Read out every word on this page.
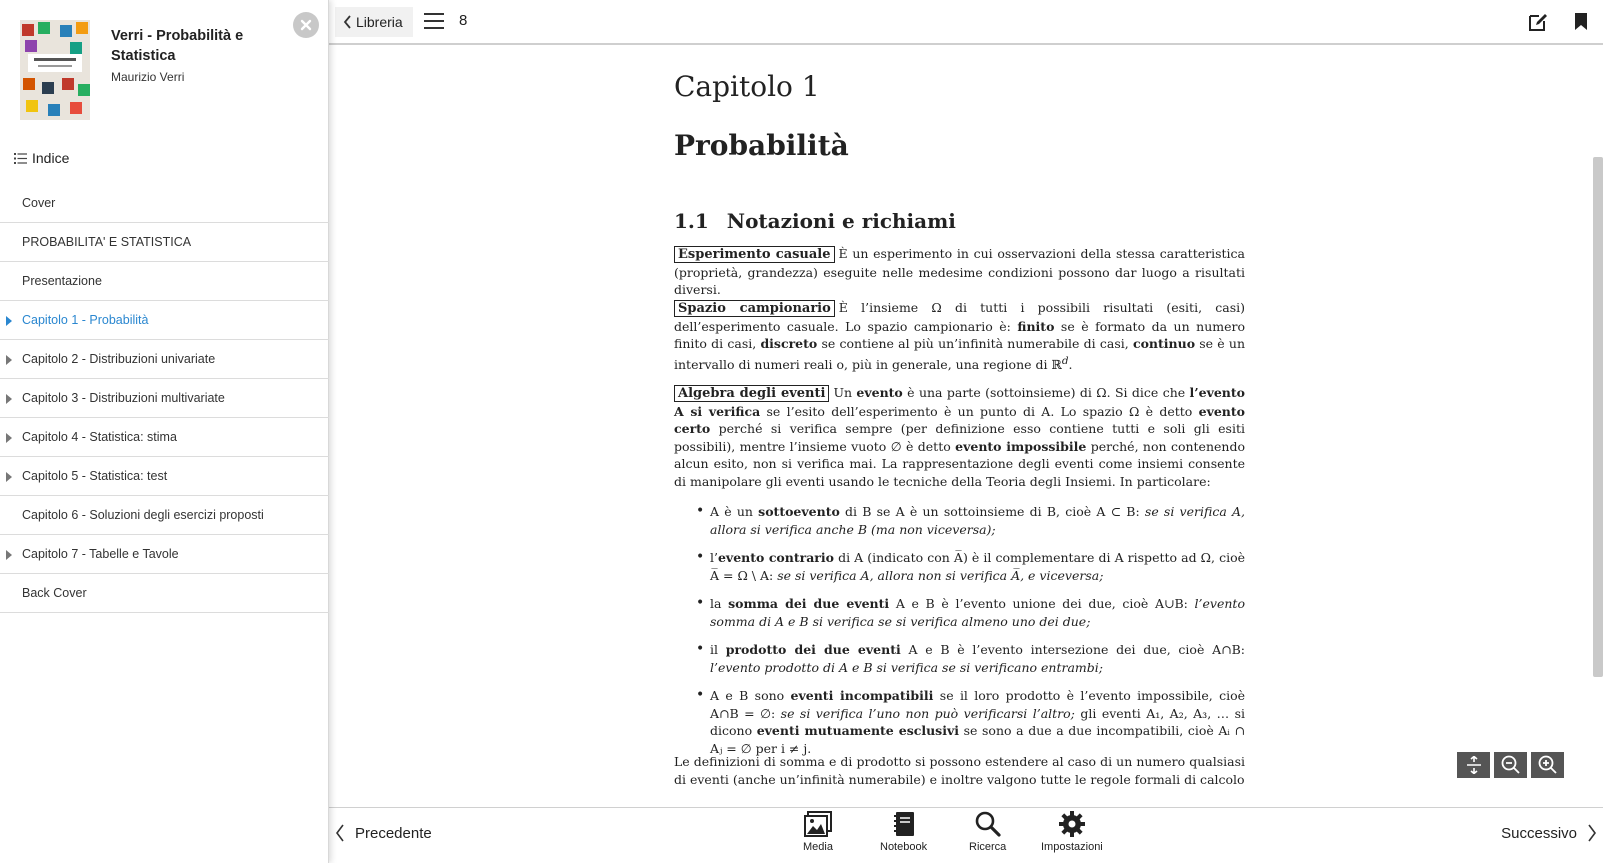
Verri - Probabilità e Statistica
Maurizio Verri
Indice
Cover
PROBABILITA' E STATISTICA
Presentazione
Capitolo 1 - Probabilità
Capitolo 2 - Distribuzioni univariate
Capitolo 3 - Distribuzioni multivariate
Capitolo 4 - Statistica: stima
Capitolo 5 - Statistica: test
Capitolo 6 - Soluzioni degli esercizi proposti
Capitolo 7 - Tabelle e Tavole
Back Cover
Libreria	8
Capitolo 1
Probabilità
1.1 Notazioni e richiami
Esperimento casuale È un esperimento in cui osservazioni della stessa caratteristica (proprietà, grandezza) eseguite nelle medesime condizioni possono dar luogo a risultati diversi.
Spazio campionario È l’insieme Ω di tutti i possibili risultati (esiti, casi) dell’esperimento casuale. Lo spazio campionario è: finito se è formato da un numero finito di casi, discreto se contiene al più un’infinità numerabile di casi, continuo se è un intervallo di numeri reali o, più in generale, una regione di ℝ$^d$.
Algebra degli eventi Un evento è una parte (sottoinsieme) di Ω. Si dice che l’evento A si verifica se l’esito dell’esperimento è un punto di A. Lo spazio Ω è detto evento certo perché si verifica sempre (per definizione esso contiene tutti e soli gli esiti possibili), mentre l’insieme vuoto ∅ è detto evento impossibile perché, non contenendo alcun esito, non si verifica mai. La rappresentazione degli eventi come insiemi consente di manipolare gli eventi usando le tecniche della Teoria degli Insiemi. In particolare:
• A è un sottoevento di B se A è un sottoinsieme di B, cioè A ⊂ B: se si verifica A, allora si verifica anche B (ma non viceversa);
• l’evento contrario di A (indicato con A̅) è il complementare di A rispetto ad Ω, cioè A̅ = Ω \ A: se si verifica A, allora non si verifica A̅, e viceversa;
• la somma dei due eventi A e B è l’evento unione dei due, cioè A∪B: l’evento somma di A e B si verifica se si verifica almeno uno dei due;
• il prodotto dei due eventi A e B è l’evento intersezione dei due, cioè A∩B: l’evento prodotto di A e B si verifica se si verificano entrambi;
• A e B sono eventi incompatibili se il loro prodotto è l’evento impossibile, cioè A∩B = ∅: se si verifica l’uno non può verificarsi l’altro; gli eventi A₁, A₂, A₃, … si dicono eventi mutuamente esclusivi se sono a due a due incompatibili, cioè Aᵢ ∩ Aⱼ = ∅ per i ≠ j.
Le definizioni di somma e di prodotto si possono estendere al caso di un numero qualsiasi di eventi (anche un’infinità numerabile) e inoltre valgono tutte le regole formali di calcolo
Precedente
Media	Notebook	Ricerca	Impostazioni
Successivo
